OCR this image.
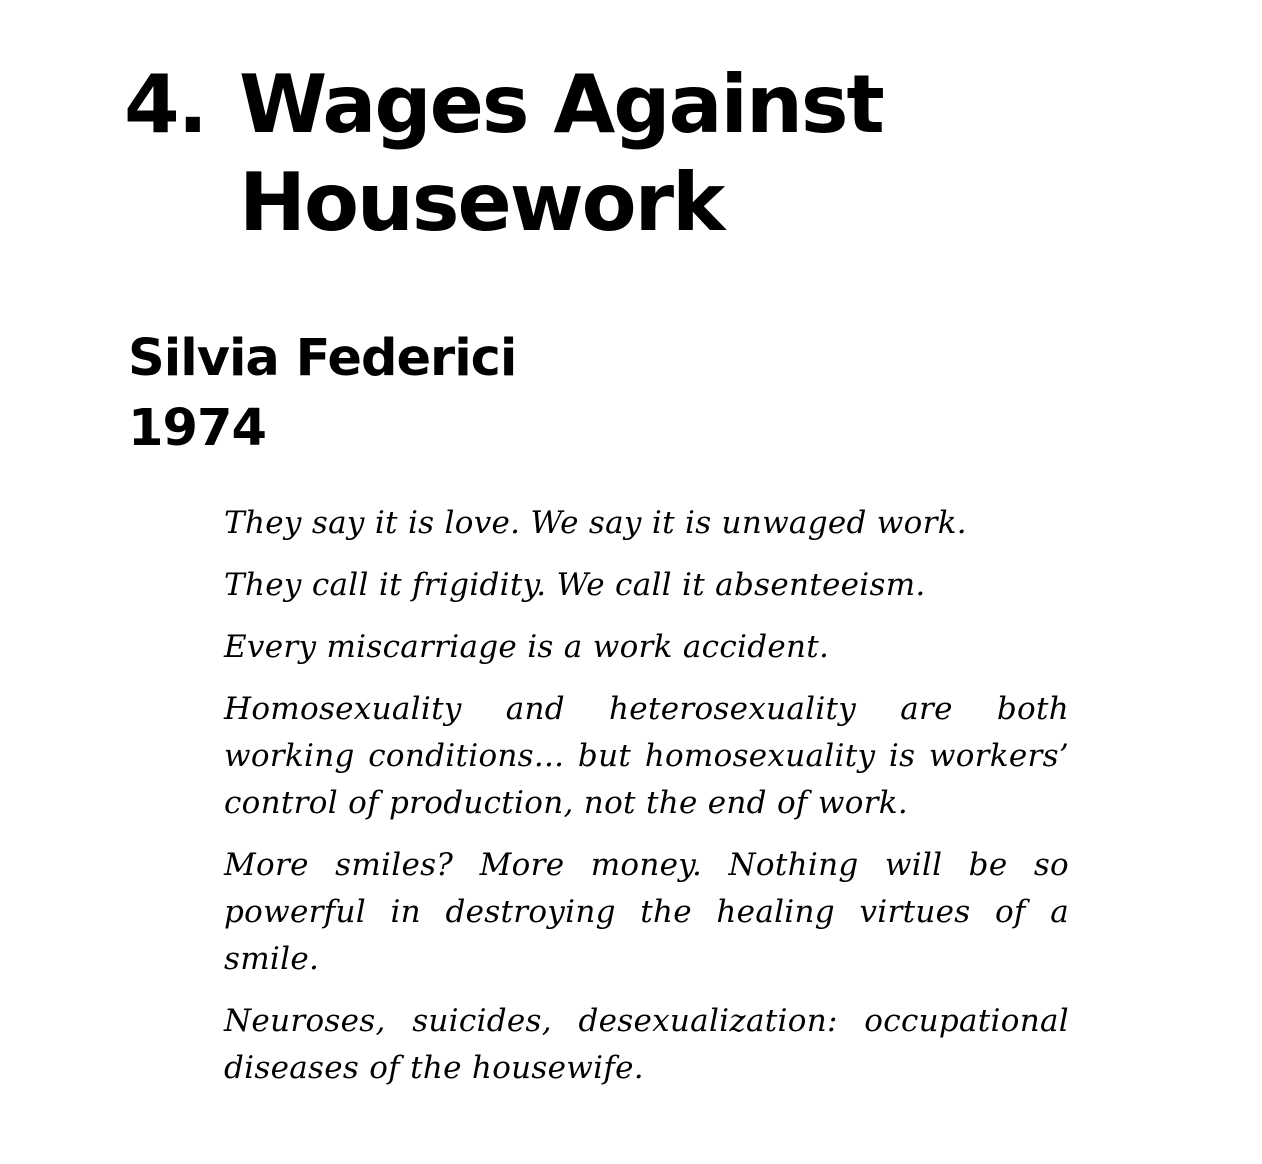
4. Wages Against Housework
Silvia Federici
1974

They say it is love. We say it is unwaged work.

They call it frigidity. We call it absenteeism.

Every miscarriage is a work accident.

Homosexuality and heterosexuality are both working conditions... but homosexuality is workers’ control of production, not the end of work.

More smiles? More money. Nothing will be so powerful in destroying the healing virtues of a smile.

Neuroses, suicides, desexualization: occupational diseases of the housewife.
